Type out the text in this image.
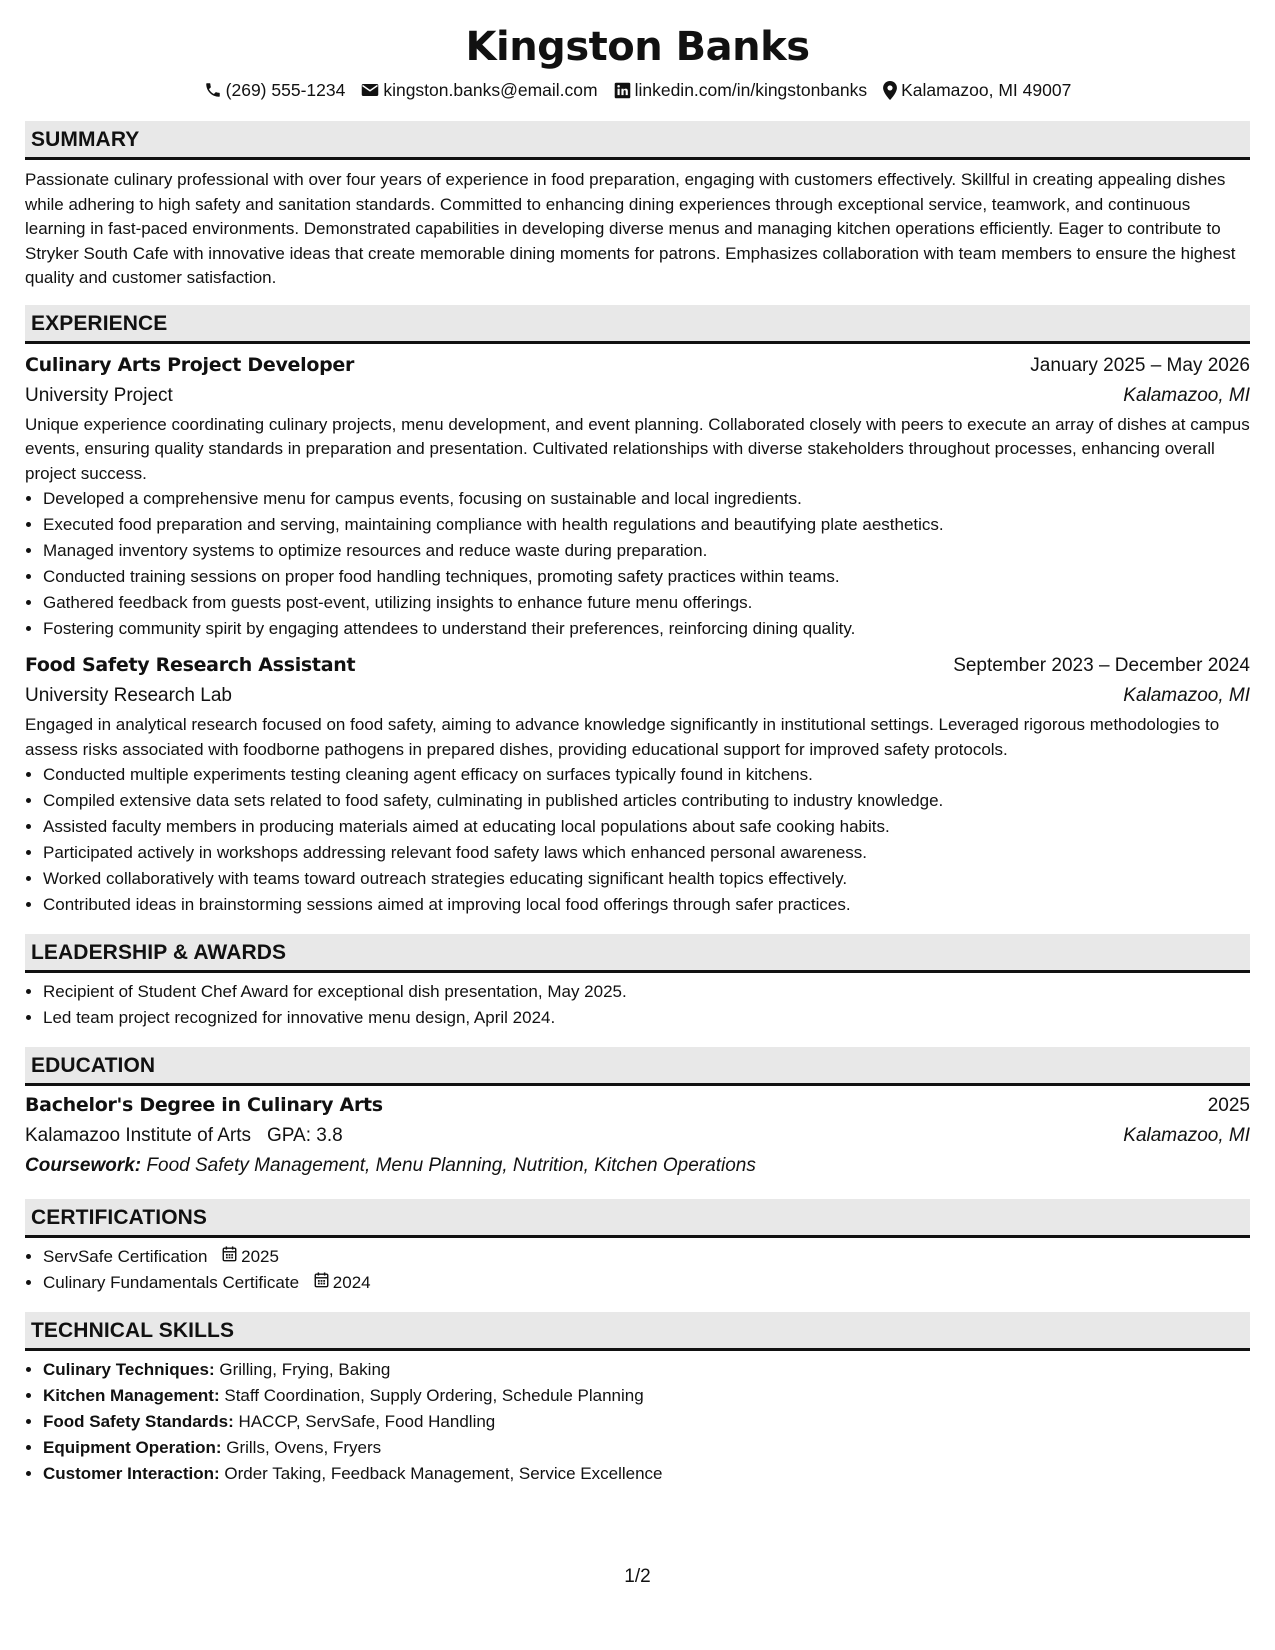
Kingston Banks
(269) 555-1234 kingston.banks@email.com linkedin.com/in/kingstonbanks Kalamazoo, MI 49007
SUMMARY

Passionate culinary professional with over four years of experience in food preparation, engaging with customers effectively. Skillful in creating appealing dishes while adhering to high safety and sanitation standards. Committed to enhancing dining experiences through exceptional service, teamwork, and continuous learning in fast-paced environments. Demonstrated capabilities in developing diverse menus and managing kitchen operations efficiently. Eager to contribute to Stryker South Cafe with innovative ideas that create memorable dining moments for patrons. Emphasizes collaboration with team members to ensure the highest quality and customer satisfaction.

EXPERIENCE
Culinary Arts Project Developer	January 2025 – May 2026
University Project	Kalamazoo, MI

Unique experience coordinating culinary projects, menu development, and event planning. Collaborated closely with peers to execute an array of dishes at campus events, ensuring quality standards in preparation and presentation. Cultivated relationships with diverse stakeholders throughout processes, enhancing overall project success.

• Developed a comprehensive menu for campus events, focusing on sustainable and local ingredients.
• Executed food preparation and serving, maintaining compliance with health regulations and beautifying plate aesthetics.
• Managed inventory systems to optimize resources and reduce waste during preparation.
• Conducted training sessions on proper food handling techniques, promoting safety practices within teams.
• Gathered feedback from guests post-event, utilizing insights to enhance future menu offerings.
• Fostering community spirit by engaging attendees to understand their preferences, reinforcing dining quality.
Food Safety Research Assistant	September 2023 – December 2024
University Research Lab	Kalamazoo, MI

Engaged in analytical research focused on food safety, aiming to advance knowledge significantly in institutional settings. Leveraged rigorous methodologies to assess risks associated with foodborne pathogens in prepared dishes, providing educational support for improved safety protocols.

• Conducted multiple experiments testing cleaning agent efficacy on surfaces typically found in kitchens.
• Compiled extensive data sets related to food safety, culminating in published articles contributing to industry knowledge.
• Assisted faculty members in producing materials aimed at educating local populations about safe cooking habits.
• Participated actively in workshops addressing relevant food safety laws which enhanced personal awareness.
• Worked collaboratively with teams toward outreach strategies educating significant health topics effectively.
• Contributed ideas in brainstorming sessions aimed at improving local food offerings through safer practices.
LEADERSHIP & AWARDS
• Recipient of Student Chef Award for exceptional dish presentation, May 2025.
• Led team project recognized for innovative menu design, April 2024.
EDUCATION
Bachelor's Degree in Culinary Arts	2025
Kalamazoo Institute of Arts GPA: 3.8	Kalamazoo, MI
Coursework: Food Safety Management, Menu Planning, Nutrition, Kitchen Operations
CERTIFICATIONS
• ServSafe Certification 2025
• Culinary Fundamentals Certificate 2024
TECHNICAL SKILLS
• Culinary Techniques: Grilling, Frying, Baking
• Kitchen Management: Staff Coordination, Supply Ordering, Schedule Planning
• Food Safety Standards: HACCP, ServSafe, Food Handling
• Equipment Operation: Grills, Ovens, Fryers
• Customer Interaction: Order Taking, Feedback Management, Service Excellence
1/2
